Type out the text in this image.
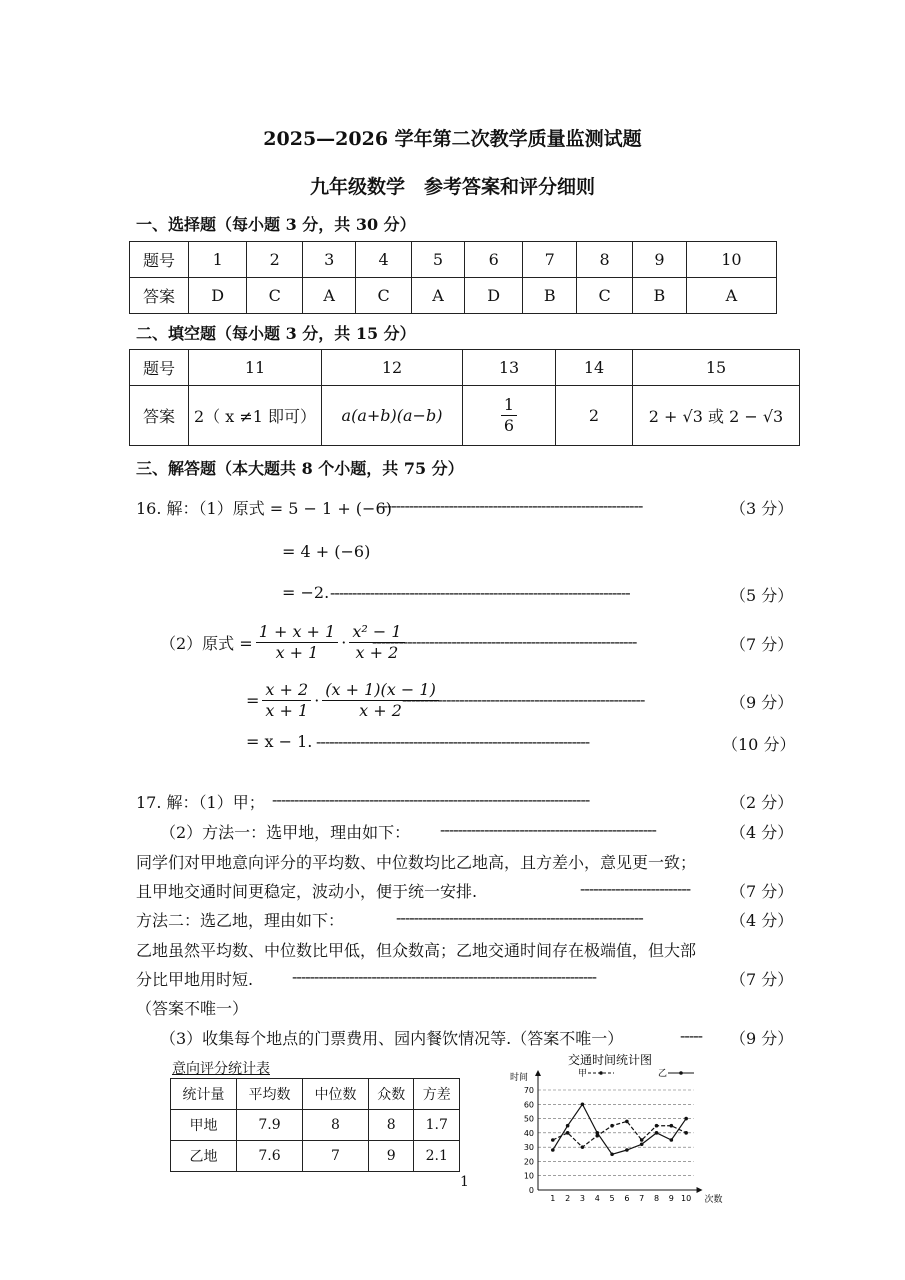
2025—2026 学年第二次教学质量监测试题
九年级数学　参考答案和评分细则
一、选择题（每小题 3 分，共 30 分）
题号	1	2	3	4	5	6	7	8	9	10
答案	D	C	A	C	A	D	B	C	B	A
二、填空题（每小题 3 分，共 15 分）
题号	11	12	13	14	15
答案	2（ x ≠1 即可）	a(a+b)(a−b)	$\frac{1}{6}$	2	2 + √3 或 2 − √3
三、解答题（本大题共 8 个小题，共 75 分）
16. 解：（1）原式 = 5 − 1 + (−6)
------------------------------------------------------------	（3 分）
= 4 + (−6)
= −2. --------------------------------------------------------------------	（5 分）
（2）原式 = $\frac{1 + x + 1}{x + 1} \cdot \frac{\text{x² − 1}}{x + 2}$
------------------------------------------------------------	（7 分）
= $\frac{x + 2}{x + 1} \cdot \frac{(x + 1)(x - 1)}{x + 2}$
-------------------------------------------------------	（9 分）
= x − 1. --------------------------------------------------------------	（10 分）
17. 解：（1）甲； ------------------------------------------------------------------------	（2 分）
（2）方法一：选甲地，理由如下： -------------------------------------------------	（4 分）
同学们对甲地意向评分的平均数、中位数均比乙地高，且方差小，意见更一致；
且甲地交通时间更稳定，波动小，便于统一安排.	------------------------- （7 分）
方法二：选乙地，理由如下：	--------------------------------------------------------	（4 分）
乙地虽然平均数、中位数比甲低，但众数高；乙地交通时间存在极端值，但大部
分比甲地用时短. ---------------------------------------------------------------------	（7 分）
（答案不唯一）
（3）收集每个地点的门票费用、园内餐饮情况等.（答案不唯一）	----- （9 分）
意向评分统计表
统计量	平均数	中位数	众数	方差
甲地	7.9	8	8	1.7
乙地	7.6	7	9	2.1
1
交通时间统计图
0
10
20
30
40
50
60
70
时间
次数
1 2 3 4 5 6 7 8 9 10
甲	乙
